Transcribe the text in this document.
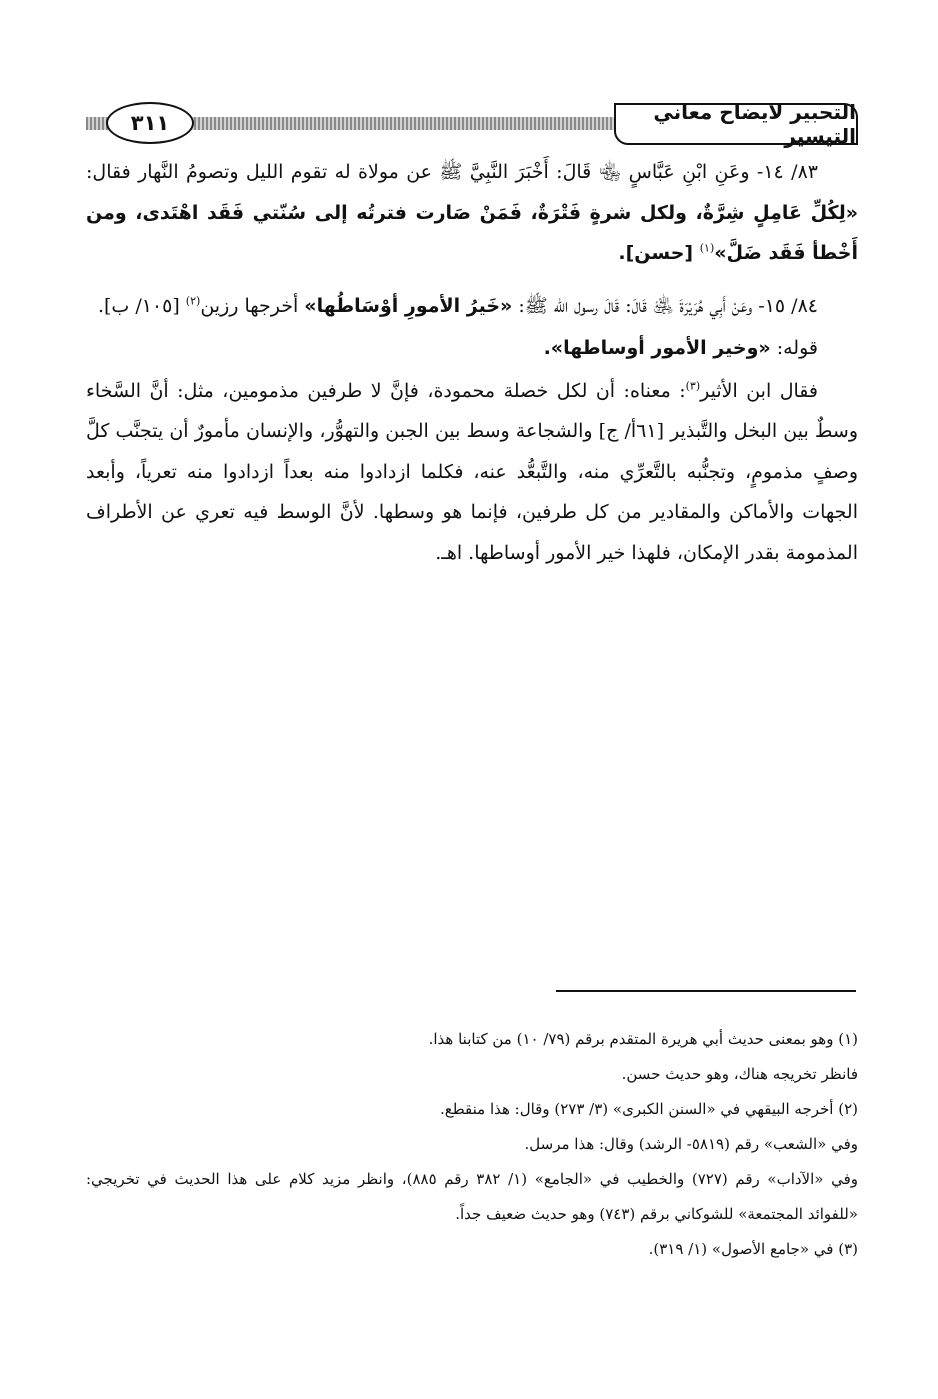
التحبير لايضاح معاني التيسير
٣١١

٨٣/ ١٤- وعَنِ ابْنِ عَبَّاسٍ ﵄ قَالَ: أَخْبَرَ النَّبِيَّ ﷺ عن مولاة له تقوم الليل وتصومُ النَّهار فقال: «لِكُلِّ عَامِلٍ شِرَّةٌ، ولكل شرةٍ فَتْرَةٌ، فَمَنْ صَارت فترتُه إلى سُنّتي فَقَد اهْتَدى، ومن أَخْطأ فَقَد ضَلَّ»$^{(١)}$ [حسن].

٨٤/ ١٥- وعَنْ أَبِي هُرَيْرَةَ ﵁ قَالَ: قَالَ رسول الله ﷺ: «خَيرُ الأمورِ أوْسَاطُها» أخرجها رزين$^{(٢)}$ [١٠٥/ ب].

قوله: «وخير الأمور أوساطها».

فقال ابن الأثير$^{(٣)}$: معناه: أن لكل خصلة محمودة، فإنَّ لا طرفين مذمومين، مثل: أنَّ السَّخاء وسطٌ بين البخل والتَّبذير [٦١أ/ ج] والشجاعة وسط بين الجبن والتهوُّر، والإنسان مأمورٌ أن يتجنَّب كلَّ وصفٍ مذمومٍ، وتجنُّبه بالتَّعرِّي منه، والتَّبعُّد عنه، فكلما ازدادوا منه بعداً ازدادوا منه تعرياً، وأبعد الجهات والأماكن والمقادير من كل طرفين، فإنما هو وسطها. لأنَّ الوسط فيه تعري عن الأطراف المذمومة بقدر الإمكان، فلهذا خير الأمور أوساطها. اهـ.

(١) وهو بمعنى حديث أبي هريرة المتقدم برقم (٧٩/ ١٠) من كتابنا هذا.
فانظر تخريجه هناك، وهو حديث حسن.
(٢) أخرجه البيقهي في «السنن الكبرى» (٣/ ٢٧٣) وقال: هذا منقطع.
وفي «الشعب» رقم (٥٨١٩- الرشد) وقال: هذا مرسل.
وفي «الآداب» رقم (٧٢٧) والخطيب في «الجامع» (١/ ٣٨٢ رقم ٨٨٥)، وانظر مزيد كلام على هذا الحديث في تخريجي: «للفوائد المجتمعة» للشوكاني برقم (٧٤٣) وهو حديث ضعيف جداً.
(٣) في «جامع الأصول» (١/ ٣١٩).
